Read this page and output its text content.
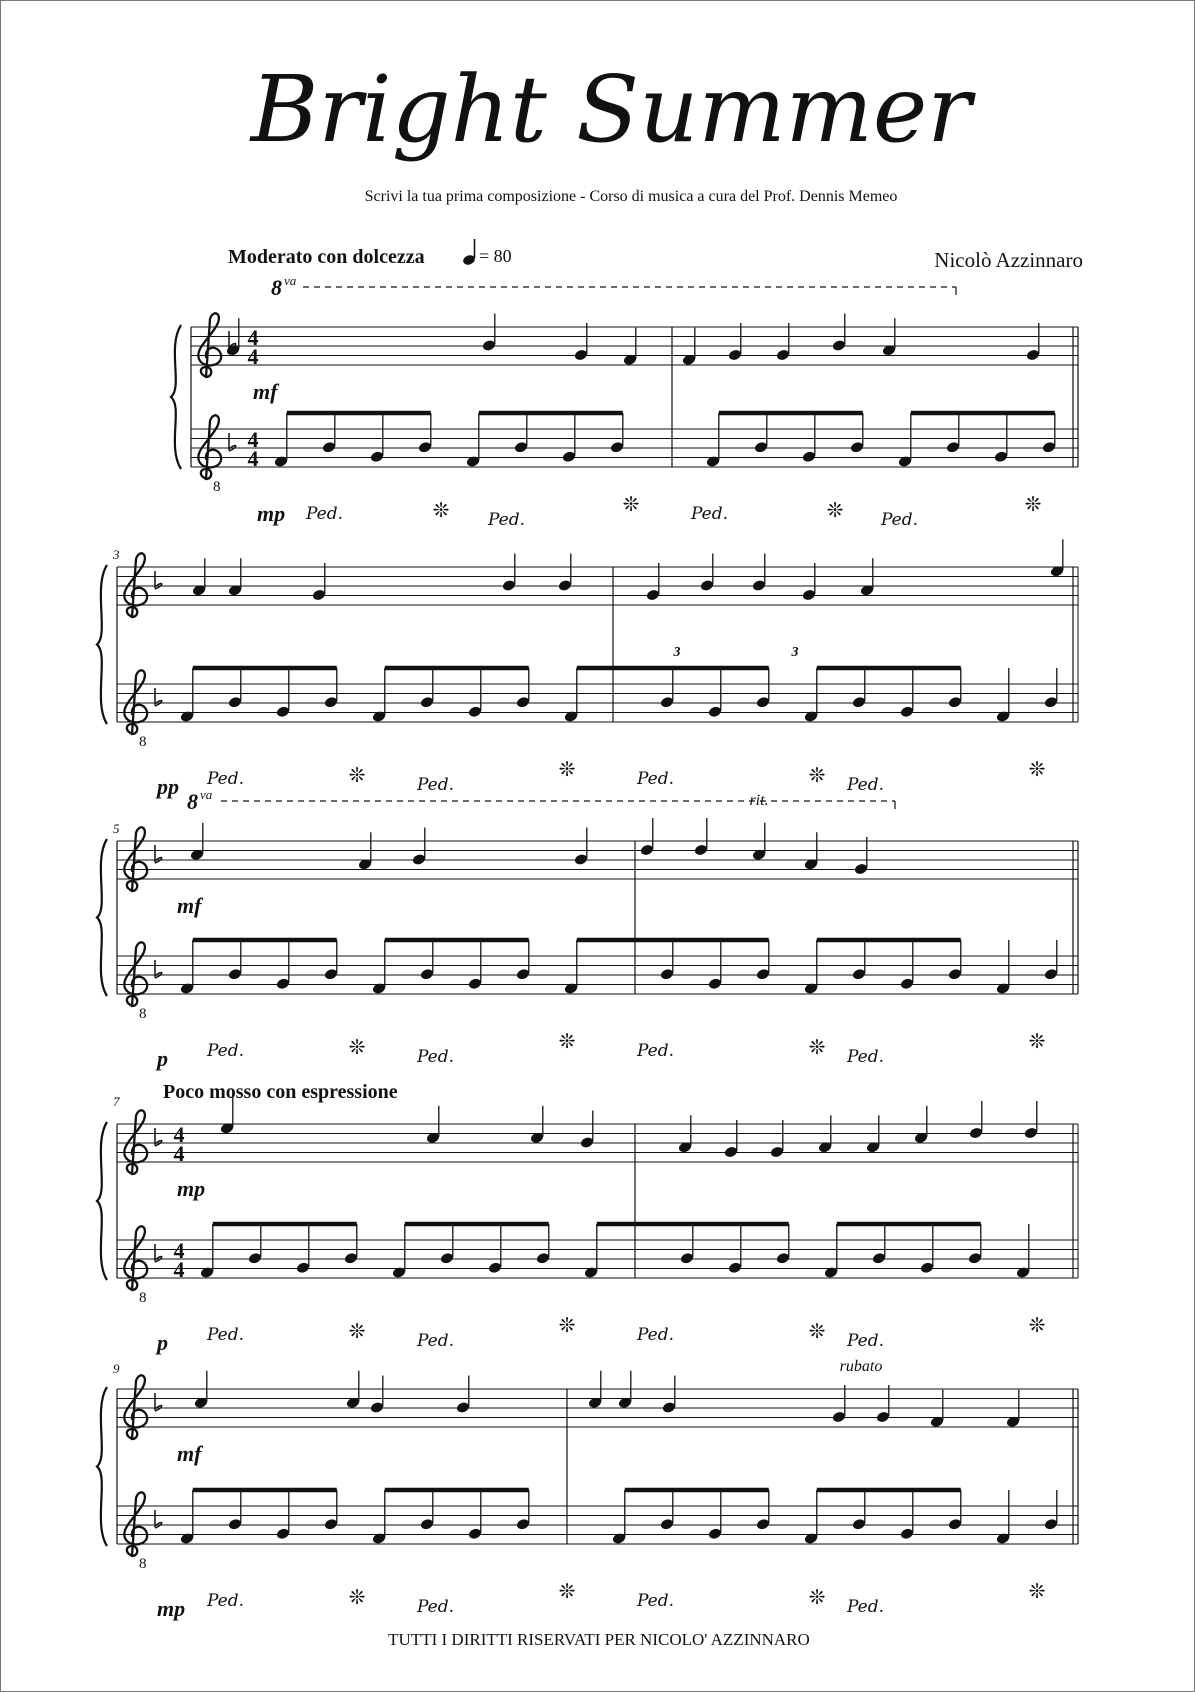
Bright Summer
Scrivi la tua prima composizione - Corso di musica a cura del Prof. Dennis Memeo
Nicolò Azzinnaro
Moderato con dolcezza	= 80
8
4
4
4
4
mf
mp
8 va
Ped.	Ped.	Ped.	Ped.
❊	❊	❊	❊
8
3
pp Ped.	Ped.	Ped.	Ped.
❊	❊	❊	❊
3	3
8
5
mf
p
8 va	rit.
Ped.	Ped.	Ped.	Ped.
❊	❊	❊	❊
8
4
4
4
4
7
mp
p Ped.	Ped.	Ped.	Ped.
❊	❊	❊	❊
8
9
mf
mp
rubato
Ped.	Ped.	Ped.	Ped.
❊	❊	❊	❊
Poco mosso con espressione
TUTTI I DIRITTI RISERVATI PER NICOLO' AZZINNARO
